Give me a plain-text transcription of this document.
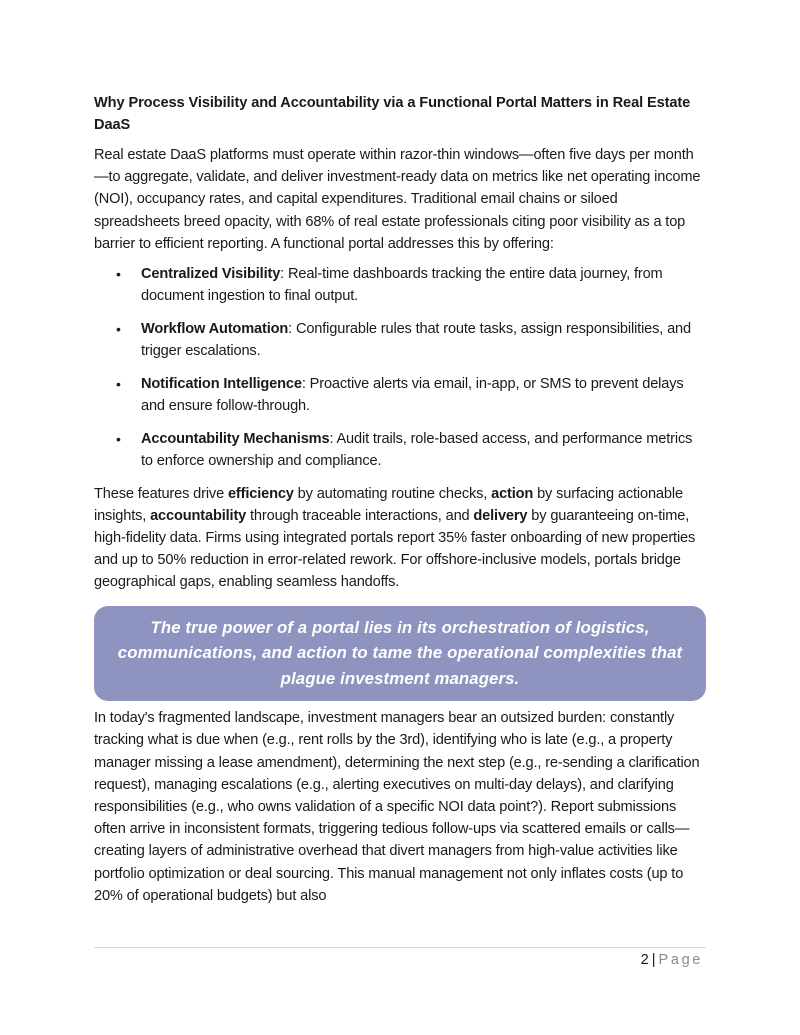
Why Process Visibility and Accountability via a Functional Portal Matters in Real Estate DaaS

Real estate DaaS platforms must operate within razor-thin windows—often five days per month—to aggregate, validate, and deliver investment-ready data on metrics like net operating income (NOI), occupancy rates, and capital expenditures. Traditional email chains or siloed spreadsheets breed opacity, with 68% of real estate professionals citing poor visibility as a top barrier to efficient reporting. A functional portal addresses this by offering:

• Centralized Visibility: Real-time dashboards tracking the entire data journey, from document ingestion to final output.
• Workflow Automation: Configurable rules that route tasks, assign responsibilities, and trigger escalations.
• Notification Intelligence: Proactive alerts via email, in-app, or SMS to prevent delays and ensure follow-through.
• Accountability Mechanisms: Audit trails, role-based access, and performance metrics to enforce ownership and compliance.

These features drive efficiency by automating routine checks, action by surfacing actionable insights, accountability through traceable interactions, and delivery by guaranteeing on-time, high-fidelity data. Firms using integrated portals report 35% faster onboarding of new properties and up to 50% reduction in error-related rework. For offshore-inclusive models, portals bridge geographical gaps, enabling seamless handoffs.

The true power of a portal lies in its orchestration of logistics, communications, and action to tame the operational complexities that plague investment managers.

In today's fragmented landscape, investment managers bear an outsized burden: constantly tracking what is due when (e.g., rent rolls by the 3rd), identifying who is late (e.g., a property manager missing a lease amendment), determining the next step (e.g., re-sending a clarification request), managing escalations (e.g., alerting executives on multi-day delays), and clarifying responsibilities (e.g., who owns validation of a specific NOI data point?). Report submissions often arrive in inconsistent formats, triggering tedious follow-ups via scattered emails or calls—creating layers of administrative overhead that divert managers from high-value activities like portfolio optimization or deal sourcing. This manual management not only inflates costs (up to 20% of operational budgets) but also

2 | Page
